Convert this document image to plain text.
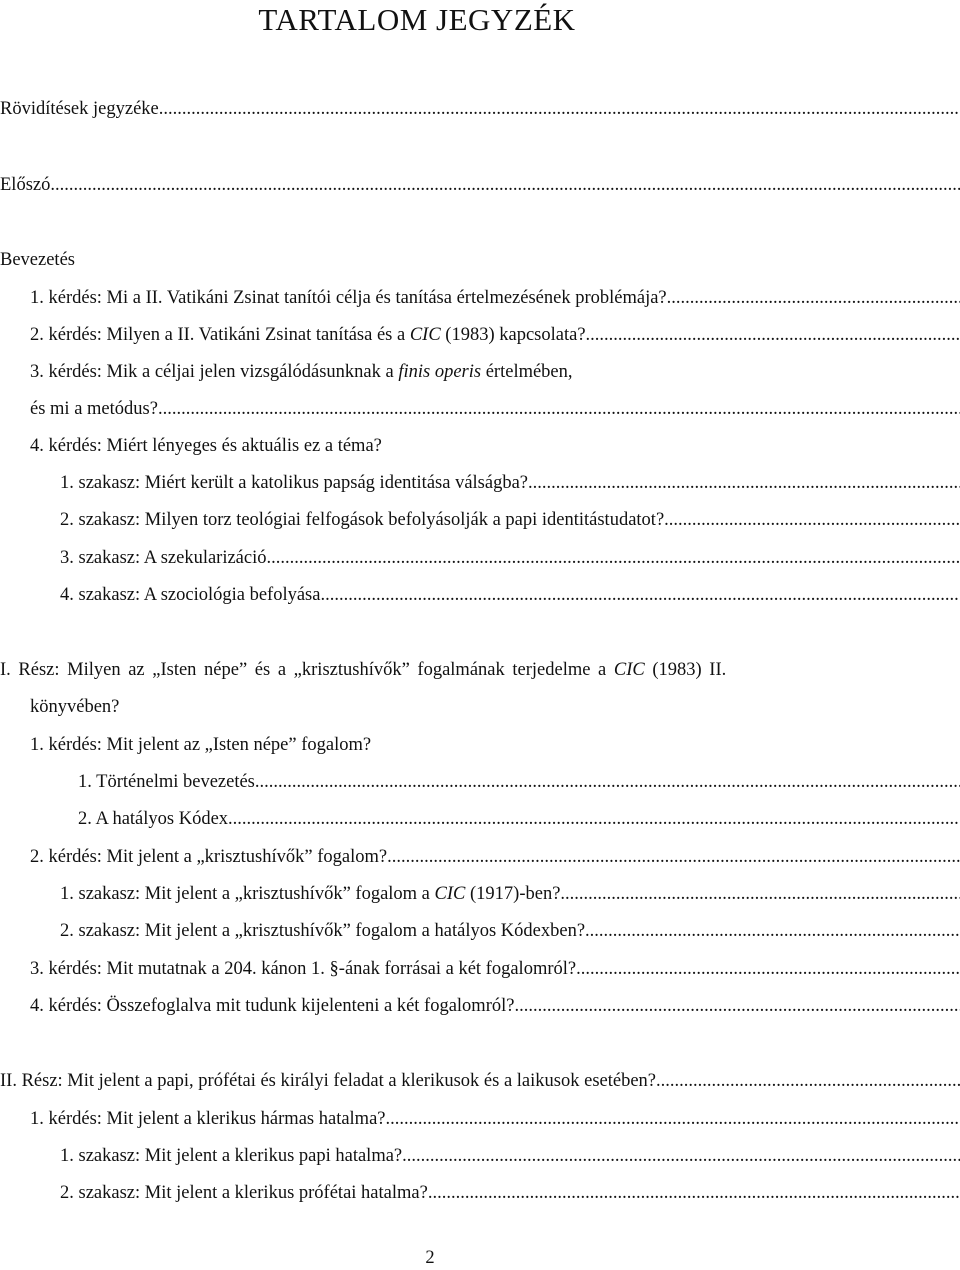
TARTALOM JEGYZÉK
Rövidítések jegyzéke .....
Előszó .....
Bevezetés
1. kérdés: Mi a II. Vatikáni Zsinat tanítói célja és tanítása értelmezésének problémája? .....
2. kérdés: Milyen a II. Vatikáni Zsinat tanítása és a CIC (1983) kapcsolata? .....
3. kérdés: Mik a céljai jelen vizsgálódásunknak a finis operis értelmében,
és mi a metódus? .....
4. kérdés: Miért lényeges és aktuális ez a téma?
1. szakasz: Miért került a katolikus papság identitása válságba? .....
2. szakasz: Milyen torz teológiai felfogások befolyásolják a papi identitástudatot? .....
3. szakasz: A szekularizáció .....
4. szakasz: A szociológia befolyása .....
I. Rész: Milyen az „Isten népe” és a „krisztushívők” fogalmának terjedelme a CIC (1983) II.
könyvében?
1. kérdés: Mit jelent az „Isten népe” fogalom?
1. Történelmi bevezetés .....
2. A hatályos Kódex .....
2. kérdés: Mit jelent a „krisztushívők” fogalom? .....
1. szakasz: Mit jelent a „krisztushívők” fogalom a CIC (1917)-ben? .....
2. szakasz: Mit jelent a „krisztushívők” fogalom a hatályos Kódexben? .....
3. kérdés: Mit mutatnak a 204. kánon 1. §-ának forrásai a két fogalomról? .....
4. kérdés: Összefoglalva mit tudunk kijelenteni a két fogalomról? .....
II. Rész: Mit jelent a papi, prófétai és királyi feladat a klerikusok és a laikusok esetében? .....
1. kérdés: Mit jelent a klerikus hármas hatalma? .....
1. szakasz: Mit jelent a klerikus papi hatalma? .....
2. szakasz: Mit jelent a klerikus prófétai hatalma? .....
2
